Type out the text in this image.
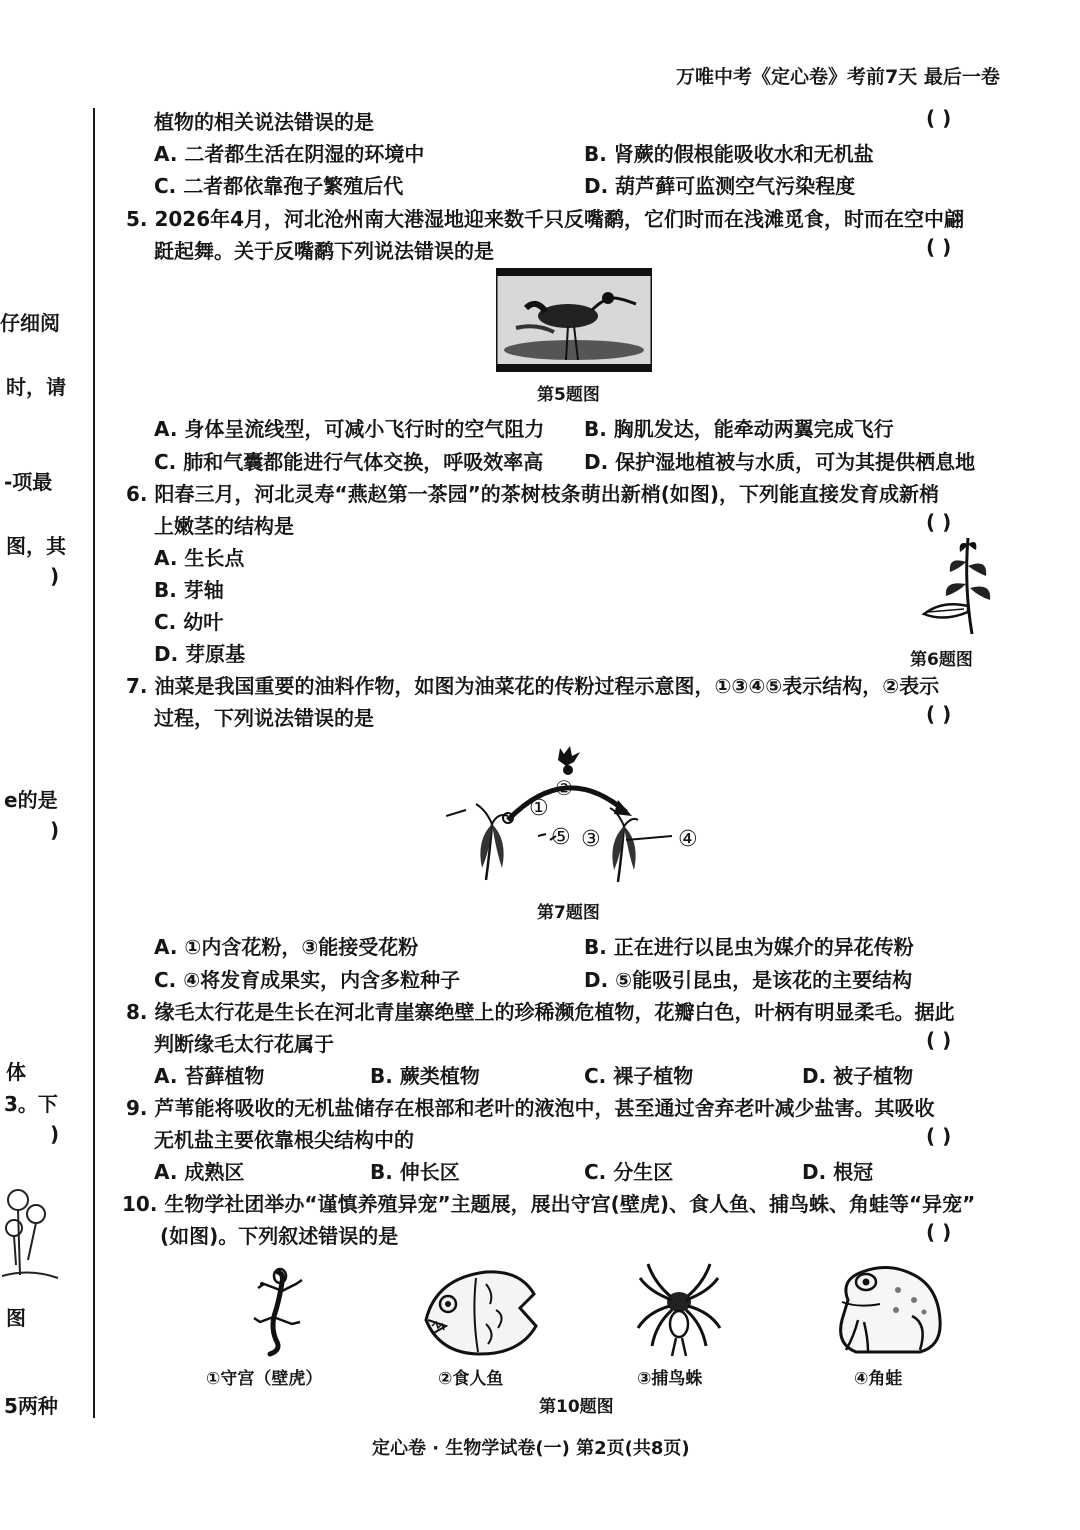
万唯中考《定心卷》考前7天 最后一卷
仔细阅
时，请
-项最
图，其
)
e的是
)
体
3。下
)
图
5两种
植物的相关说法错误的是	( )
A. 二者都生活在阴湿的环境中	B. 肾蕨的假根能吸收水和无机盐
C. 二者都依靠孢子繁殖后代	D. 葫芦藓可监测空气污染程度
5. 2026年4月，河北沧州南大港湿地迎来数千只反嘴鹬，它们时而在浅滩觅食，时而在空中翩
跹起舞。关于反嘴鹬下列说法错误的是	( )
第5题图
A. 身体呈流线型，可减小飞行时的空气阻力 B. 胸肌发达，能牵动两翼完成飞行
C. 肺和气囊都能进行气体交换，呼吸效率高 D. 保护湿地植被与水质，可为其提供栖息地
6. 阳春三月，河北灵寿“燕赵第一茶园”的茶树枝条萌出新梢(如图)，下列能直接发育成新梢
上嫩茎的结构是	( )
A. 生长点
B. 芽轴
C. 幼叶
D. 芽原基	第6题图
7. 油菜是我国重要的油料作物，如图为油菜花的传粉过程示意图，①③④⑤表示结构，②表示
过程，下列说法错误的是	( )
①
②
⑤ ③	④
第7题图
A. ①内含花粉，③能接受花粉	B. 正在进行以昆虫为媒介的异花传粉
C. ④将发育成果实，内含多粒种子	D. ⑤能吸引昆虫，是该花的主要结构
8. 缘毛太行花是生长在河北青崖寨绝壁上的珍稀濒危植物，花瓣白色，叶柄有明显柔毛。据此
判断缘毛太行花属于	( )
A. 苔藓植物	B. 蕨类植物	C. 裸子植物	D. 被子植物
9. 芦苇能将吸收的无机盐储存在根部和老叶的液泡中，甚至通过舍弃老叶减少盐害。其吸收
无机盐主要依靠根尖结构中的	( )
A. 成熟区	B. 伸长区	C. 分生区	D. 根冠
10. 生物学社团举办“谨慎养殖异宠”主题展，展出守宫(壁虎)、食人鱼、捕鸟蛛、角蛙等“异宠”
(如图)。下列叙述错误的是	( )
①守宫（壁虎）	②食人鱼	③捕鸟蛛	④角蛙
第10题图
定心卷 · 生物学试卷(一) 第2页(共8页)
